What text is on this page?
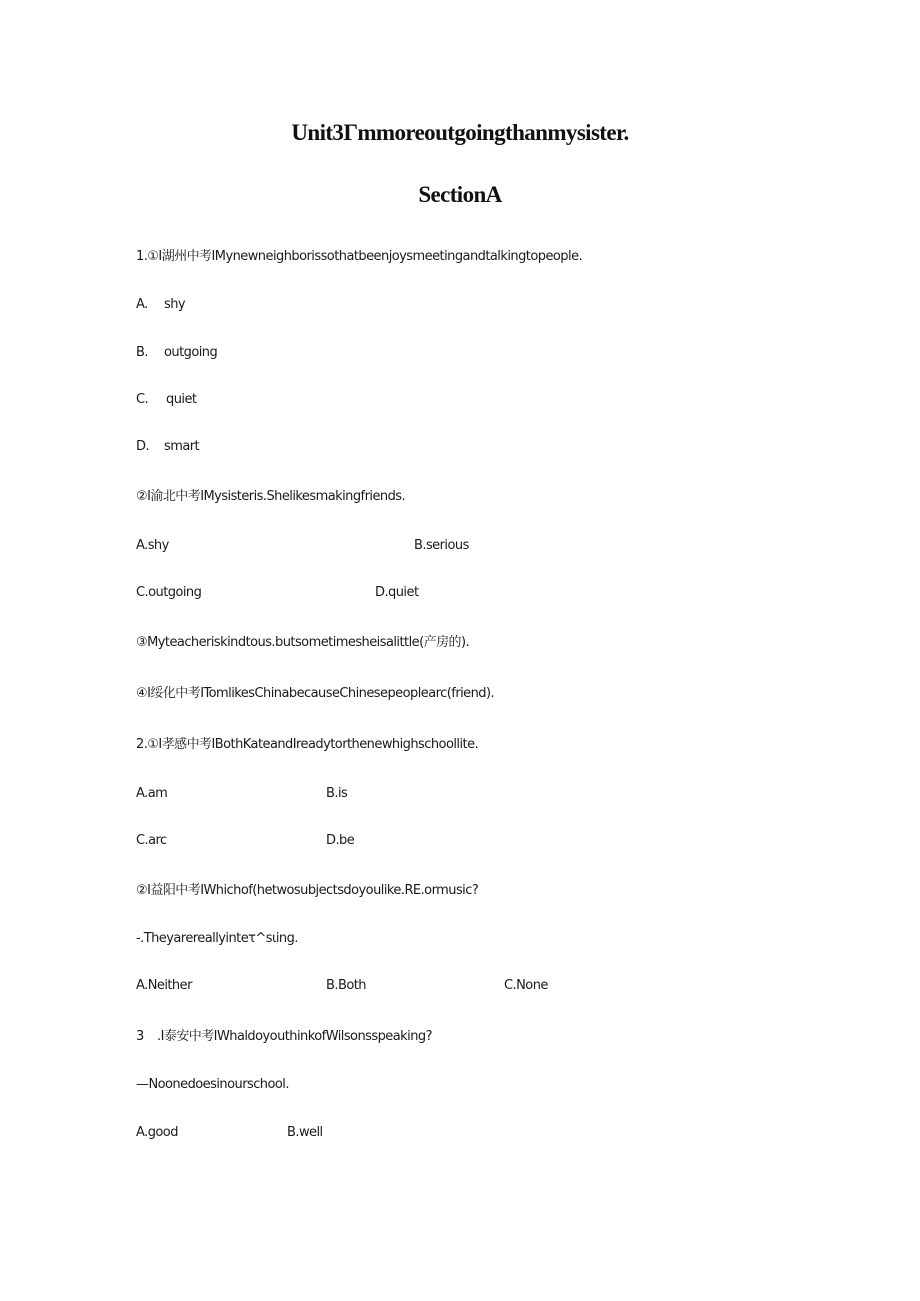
Unit3Γmmoreoutgoingthanmysister.
SectionA
1.①I湖州中考IMynewneighborissothatbeenjoysmeetingandtalkingtopeople.
A. shy
B. outgoing
C. quiet
D. smart
②I渝北中考IMysisteris.Shelikesmakingfriends.
A.shy	B.serious
C.outgoing	D.quiet
③Myteacheriskindtous.butsometimesheisalittle(产房的).
④I绥化中考ITomlikesChinabecauseChinesepeoplearc(friend).
2.①I孝感中考IBothKateandIreadytorthenewhighschoollite.
A.am	B.is
C.arc	D.be
②I益阳中考IWhichof(hetwosubjectsdoyoulike.RE.ormusic?
-.Theyarereallyinteτ^sιing.
A.Neither	B.Both	C.None
3 .I泰安中考IWhaldoyouthinkofWilsonsspeaking?
—Noonedoesinourschool.
A.good	B.well
